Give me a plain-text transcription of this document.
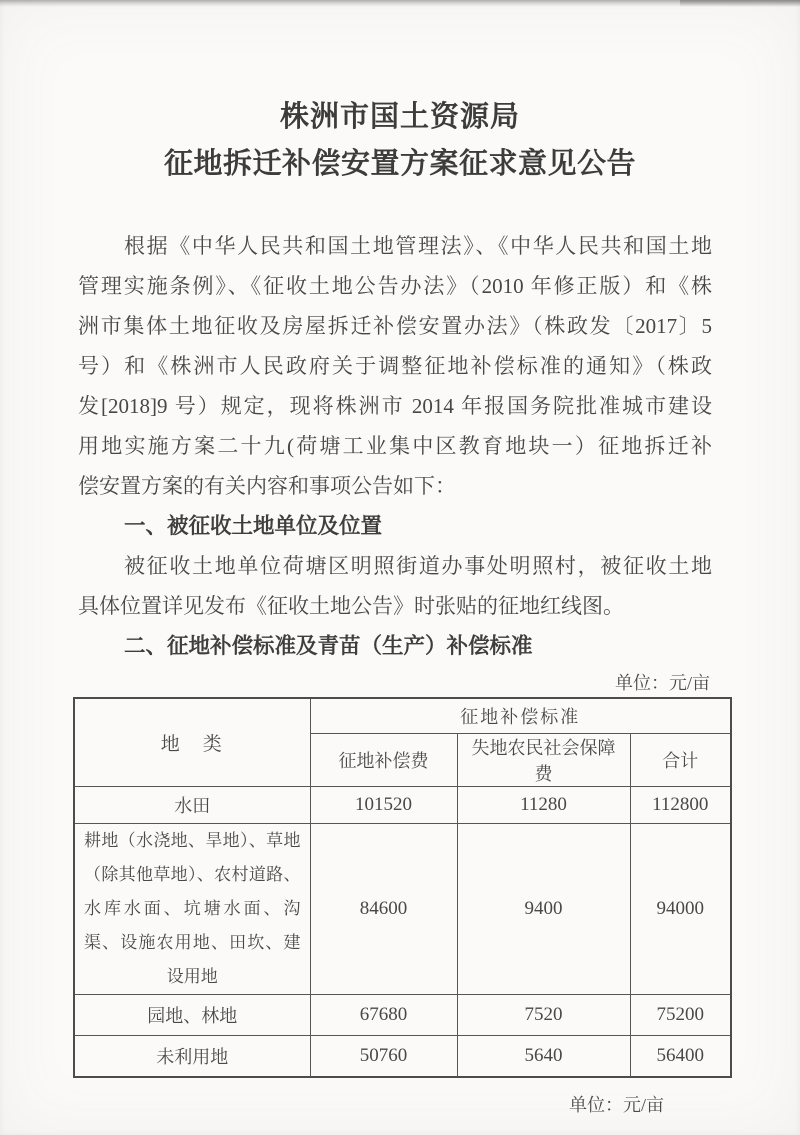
株洲市国土资源局
征地拆迁补偿安置方案征求意见公告
根据《中华人民共和国土地管理法》、《中华人民共和国土地
管理实施条例》、《征收土地公告办法》（2010 年修正版）和《株
洲市集体土地征收及房屋拆迁补偿安置办法》（株政发〔2017〕5
号）和《株洲市人民政府关于调整征地补偿标准的通知》（株政
发[2018]9 号）规定，现将株洲市 2014 年报国务院批准城市建设
用地实施方案二十九(荷塘工业集中区教育地块一）征地拆迁补
偿安置方案的有关内容和事项公告如下：
一、被征收土地单位及位置
被征收土地单位荷塘区明照街道办事处明照村，被征收土地
具体位置详见发布《征收土地公告》时张贴的征地红线图。
二、征地补偿标准及青苗（生产）补偿标准
单位：元/亩
地　类	征地补偿标准		
	征地补偿费	失地农民社会保障费	合计
水田	101520	11280	112800
耕地（水浇地、旱地）、草地（除其他草地）、农村道路、水库水面、坑塘水面、沟渠、设施农用地、田坎、建设用地	84600	9400	94000
园地、林地	67680	7520	75200
未利用地	50760	5640	56400
单位：元/亩
